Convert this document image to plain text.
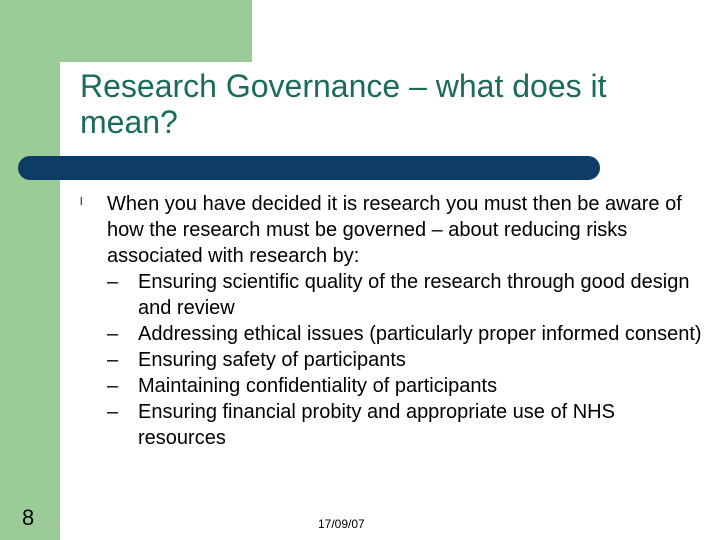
Research Governance – what does it mean?
l When you have decided it is research you must then be aware of how the research must be governed – about reducing risks associated with research by:
– Ensuring scientific quality of the research through good design and review
– Addressing ethical issues (particularly proper informed consent)
– Ensuring safety of participants
– Maintaining confidentiality of participants
– Ensuring financial probity and appropriate use of NHS resources
8	17/09/07
